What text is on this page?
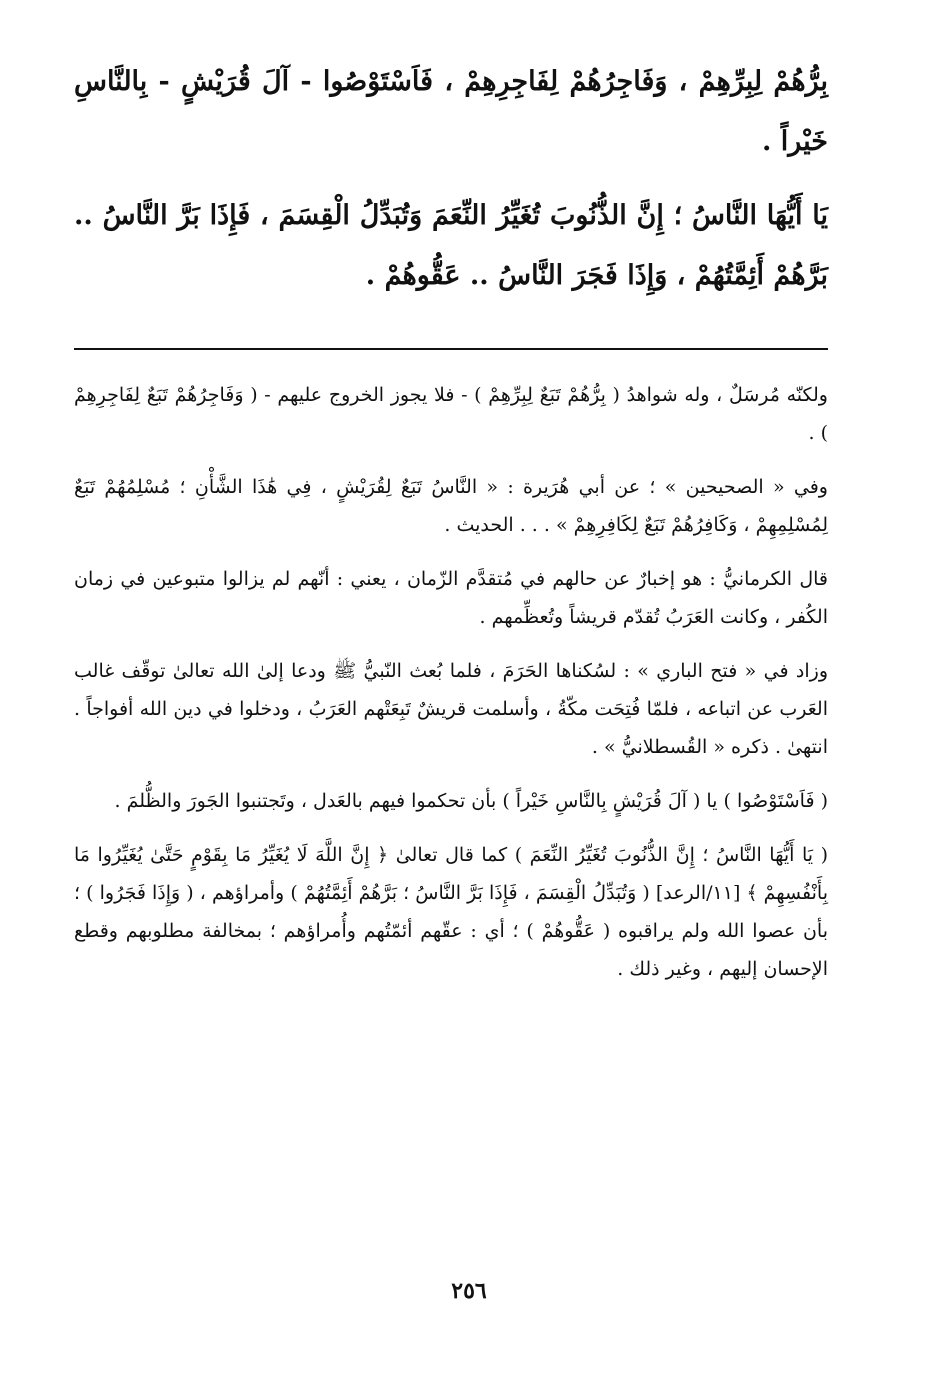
بِرُّهُمْ لِبِرِّهِمْ ، وَفَاجِرُهُمْ لِفَاجِرِهِمْ ، فَاَسْتَوْصُوا - آلَ قُرَيْشٍ - بِالنَّاسِ خَيْراً .

يَا أَيُّهَا النَّاسُ ؛ إِنَّ الذُّنُوبَ تُغَيِّرُ النِّعَمَ وَتُبَدِّلُ الْقِسَمَ ، فَإِذَا بَرَّ النَّاسُ .. بَرَّهُمْ أَئِمَّتُهُمْ ، وَإِذَا فَجَرَ النَّاسُ .. عَقُّوهُمْ .

ولكنّه مُرسَلٌ ، وله شواهدُ ( بِرُّهُمْ تَبَعٌ لِبِرِّهِمْ ) - فلا يجوز الخروج عليهم - ( وَفَاجِرُهُمْ تَبَعٌ لِفَاجِرِهِمْ ) .

وفي « الصحيحين » ؛ عن أبي هُرَيرة : « النَّاسُ تَبَعٌ لِقُرَيْشٍ ، فِي هَٰذَا الشَّأْنِ ؛ مُسْلِمُهُمْ تَبَعٌ لِمُسْلِمِهِمْ ، وَكَافِرُهُمْ تَبَعٌ لِكَافِرِهِمْ » . . . الحديث .

قال الكرمانيُّ : هو إخبارٌ عن حالهم في مُتقدَّم الزّمان ، يعني : أنّهم لم يزالوا متبوعين في زمان الكُفر ، وكانت العَرَبُ تُقدّم قريشاً وتُعظِّمهم .

وزاد في « فتح الباري » : لسُكناها الحَرَمَ ، فلما بُعث النّبيُّ ﷺ ودعا إلىٰ الله تعالىٰ توقّف غالب العَرب عن اتباعه ، فلمّا فُتِحَت مكّةُ ، وأسلمت قريشٌ تَبِعَتْهم العَرَبُ ، ودخلوا في دين الله أفواجاً . انتهىٰ . ذكره « القُسطلانيُّ » .

( فَاَسْتَوْصُوا ) يا ( آلَ قُرَيْشٍ بِالنَّاسِ خَيْراً ) بأن تحكموا فيهم بالعَدل ، وتَجتنبوا الجَورَ والظُّلمَ .

( يَا أَيُّهَا النَّاسُ ؛ إِنَّ الذُّنُوبَ تُغَيِّرُ النِّعَمَ ) كما قال تعالىٰ ﴿ إِنَّ اللَّهَ لَا يُغَيِّرُ مَا بِقَوْمٍ حَتَّىٰ يُغَيِّرُوا مَا بِأَنْفُسِهِمْ ﴾ [١١/الرعد] ( وَتُبَدِّلُ الْقِسَمَ ، فَإِذَا بَرَّ النَّاسُ ؛ بَرَّهُمْ أَئِمَّتُهُمْ ) وأمراؤهم ، ( وَإِذَا فَجَرُوا ) ؛ بأن عصوا الله ولم يراقبوه ( عَقُّوهُمْ ) ؛ أي : عقّهم أئمّتُهم وأُمراؤهم ؛ بمخالفة مطلوبهم وقطع الإحسان إليهم ، وغير ذلك .

٢٥٦
